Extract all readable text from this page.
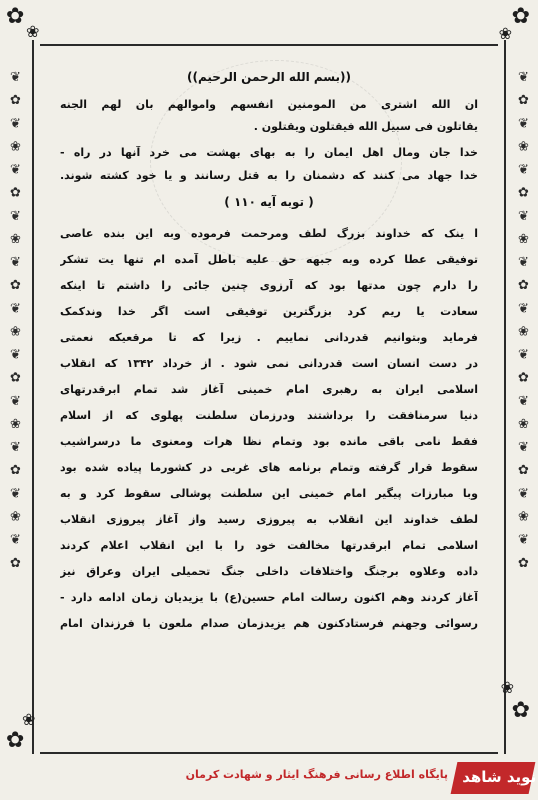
✿
❀
✿
❀
✿
❀	✿
❀
❦ ✿ ❦ ❀ ❦ ✿ ❦ ❀ ❦ ✿ ❦ ❀ ❦ ✿ ❦ ❀ ❦ ✿ ❦ ❀ ❦ ✿	❦ ✿ ❦ ❀ ❦ ✿ ❦ ❀ ❦ ✿ ❦ ❀ ❦ ✿ ❦ ❀ ❦ ✿ ❦ ❀ ❦ ✿
((بسم الله الرحمن الرحیم))
ان الله اشتری من المومنین انفسهم واموالهم بان لهم الجنه
یقاتلون فی سبیل الله فیقتلون ویقتلون .
خدا جان ومال اهل ایمان را به بهای بهشت می خرد آنها در راه -
خدا جهاد می کنند که دشمنان را به قتل رسانند و یا خود کشته شوند.
( توبه آیه ۱۱۰ )
ا ینک که خداوند بزرگ لطف ومرحمت فرموده وبه این بنده عاصی
توفیقی عطا کرده وبه جبهه حق علیه باطل آمده ام تنها یت تشکر
را دارم چون مدتها بود که آرزوی چنین جائی را داشتم تا اینکه
سعادت یا ریم کرد بزرگترین توفیقی است اگر خدا وندکمک
فرماید وبتوانیم قدردانی نماییم . زیرا که تا مرقعیکه نعمتی
در دست انسان است قدردانی نمی شود . از خرداد ۱۳۴۲ که انقلاب
اسلامی ایران به رهبری امام خمینی آغاز شد تمام ابرقدرتهای
دنیا سرمنافقت را برداشتند ودرزمان سلطنت پهلوی که از اسلام
فقط نامی باقی مانده بود وتمام نظا هرات ومعنوی ما درسراشیب
سقوط قرار گرفته وتمام برنامه های غربی در کشورما پیاده شده بود
وبا مبارزات پیگیر امام خمینی این سلطنت پوشالی سقوط کرد و به
لطف خداوند این انقلاب به پیروزی رسید واز آغاز پیروزی انقلاب
اسلامی تمام ابرقدرتها مخالفت خود را با این انقلاب اعلام کردند
داده وعلاوه برجنگ واختلافات داخلی جنگ تحمیلی ایران وعراق نیز
آغاز کردند وهم اکنون رسالت امام حسین(ع) با یزیدیان زمان ادامه دارد -
رسوائی وجهنم فرستادکنون هم یزیدزمان صدام ملعون با فرزندان امام
پایگاه اطلاع رسانی فرهنگ ایثار و شهادت کرمان نوید شاهد
